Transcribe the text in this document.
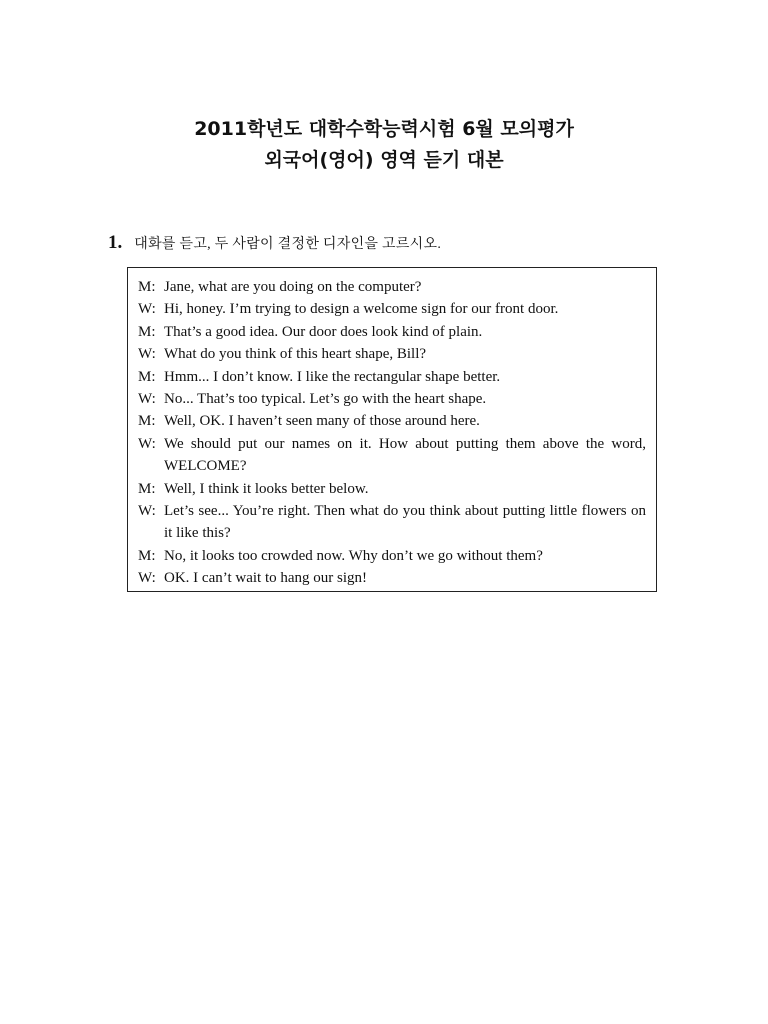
2011학년도 대학수학능력시험 6월 모의평가
외국어(영어) 영역 듣기 대본
1. 대화를 듣고, 두 사람이 결정한 디자인을 고르시오.
M: Jane, what are you doing on the computer?
W: Hi, honey. I’m trying to design a welcome sign for our front door.
M: That’s a good idea. Our door does look kind of plain.
W: What do you think of this heart shape, Bill?
M: Hmm... I don’t know. I like the rectangular shape better.
W: No... That’s too typical. Let’s go with the heart shape.
M: Well, OK. I haven’t seen many of those around here.
W: We should put our names on it. How about putting them above the word, WELCOME?
M: Well, I think it looks better below.
W: Let’s see... You’re right. Then what do you think about putting little flowers on it like this?
M: No, it looks too crowded now. Why don’t we go without them?
W: OK. I can’t wait to hang our sign!
